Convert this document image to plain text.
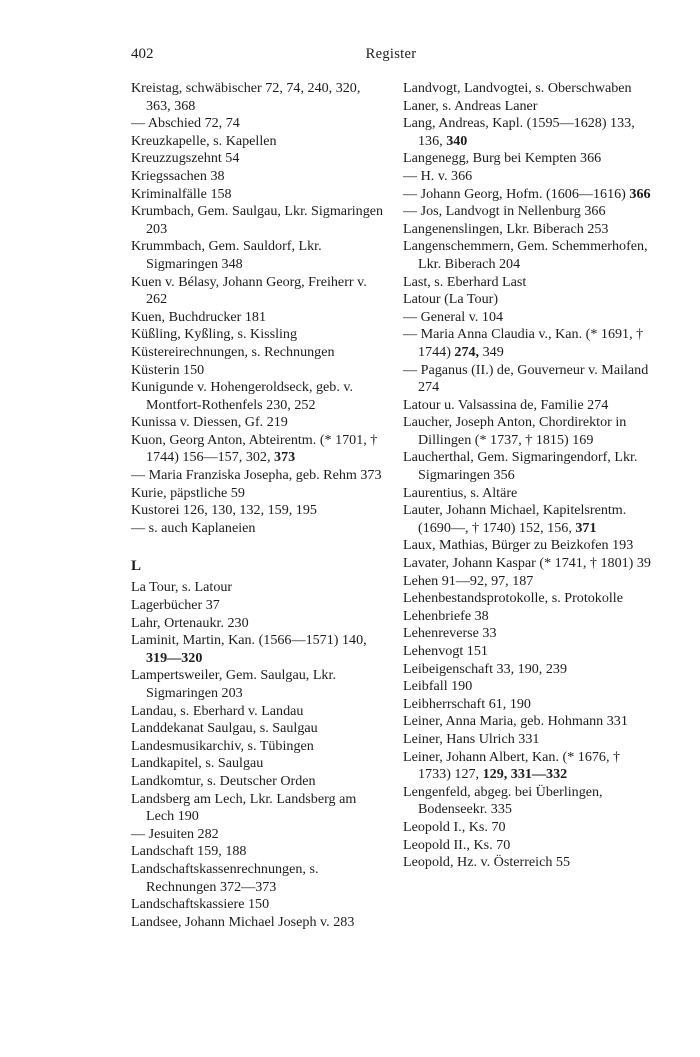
402	Register

Kreistag, schwäbischer 72, 74, 240, 320, 363, 368

— Abschied 72, 74

Kreuzkapelle, s. Kapellen

Kreuzzugszehnt 54

Kriegssachen 38

Kriminalfälle 158

Krumbach, Gem. Saulgau, Lkr. Sigmaringen 203

Krummbach, Gem. Sauldorf, Lkr. Sigmaringen 348

Kuen v. Bélasy, Johann Georg, Freiherr v. 262

Kuen, Buchdrucker 181

Küßling, Kyßling, s. Kissling

Küstereirechnungen, s. Rechnungen

Küsterin 150

Kunigunde v. Hohengeroldseck, geb. v. Montfort-Rothenfels 230, 252

Kunissa v. Diessen, Gf. 219

Kuon, Georg Anton, Abteirentm. (* 1701, † 1744) 156—157, 302, 373

— Maria Franziska Josepha, geb. Rehm 373

Kurie, päpstliche 59

Kustorei 126, 130, 132, 159, 195

— s. auch Kaplaneien

L

La Tour, s. Latour

Lagerbücher 37

Lahr, Ortenaukr. 230

Laminit, Martin, Kan. (1566—1571) 140, 319—320

Lampertsweiler, Gem. Saulgau, Lkr. Sigmaringen 203

Landau, s. Eberhard v. Landau

Landdekanat Saulgau, s. Saulgau

Landesmusikarchiv, s. Tübingen

Landkapitel, s. Saulgau

Landkomtur, s. Deutscher Orden

Landsberg am Lech, Lkr. Landsberg am Lech 190

— Jesuiten 282

Landschaft 159, 188

Landschaftskassenrechnungen, s. Rechnungen 372—373

Landschaftskassiere 150

Landsee, Johann Michael Joseph v. 283

Landvogt, Landvogtei, s. Oberschwaben

Laner, s. Andreas Laner

Lang, Andreas, Kapl. (1595—1628) 133, 136, 340

Langenegg, Burg bei Kempten 366

— H. v. 366

— Johann Georg, Hofm. (1606—1616) 366

— Jos, Landvogt in Nellenburg 366

Langenenslingen, Lkr. Biberach 253

Langenschemmern, Gem. Schemmerhofen, Lkr. Biberach 204

Last, s. Eberhard Last

Latour (La Tour)

— General v. 104

— Maria Anna Claudia v., Kan. (* 1691, † 1744) 274, 349

— Paganus (II.) de, Gouverneur v. Mailand 274

Latour u. Valsassina de, Familie 274

Laucher, Joseph Anton, Chordirektor in Dillingen (* 1737, † 1815) 169

Laucherthal, Gem. Sigmaringendorf, Lkr. Sigmaringen 356

Laurentius, s. Altäre

Lauter, Johann Michael, Kapitelsrentm. (1690—, † 1740) 152, 156, 371

Laux, Mathias, Bürger zu Beizkofen 193

Lavater, Johann Kaspar (* 1741, † 1801) 39

Lehen 91—92, 97, 187

Lehenbestandsprotokolle, s. Protokolle

Lehenbriefe 38

Lehenreverse 33

Lehenvogt 151

Leibeigenschaft 33, 190, 239

Leibfall 190

Leibherrschaft 61, 190

Leiner, Anna Maria, geb. Hohmann 331

Leiner, Hans Ulrich 331

Leiner, Johann Albert, Kan. (* 1676, † 1733) 127, 129, 331—332

Lengenfeld, abgeg. bei Überlingen, Bodenseekr. 335

Leopold I., Ks. 70

Leopold II., Ks. 70

Leopold, Hz. v. Österreich 55
